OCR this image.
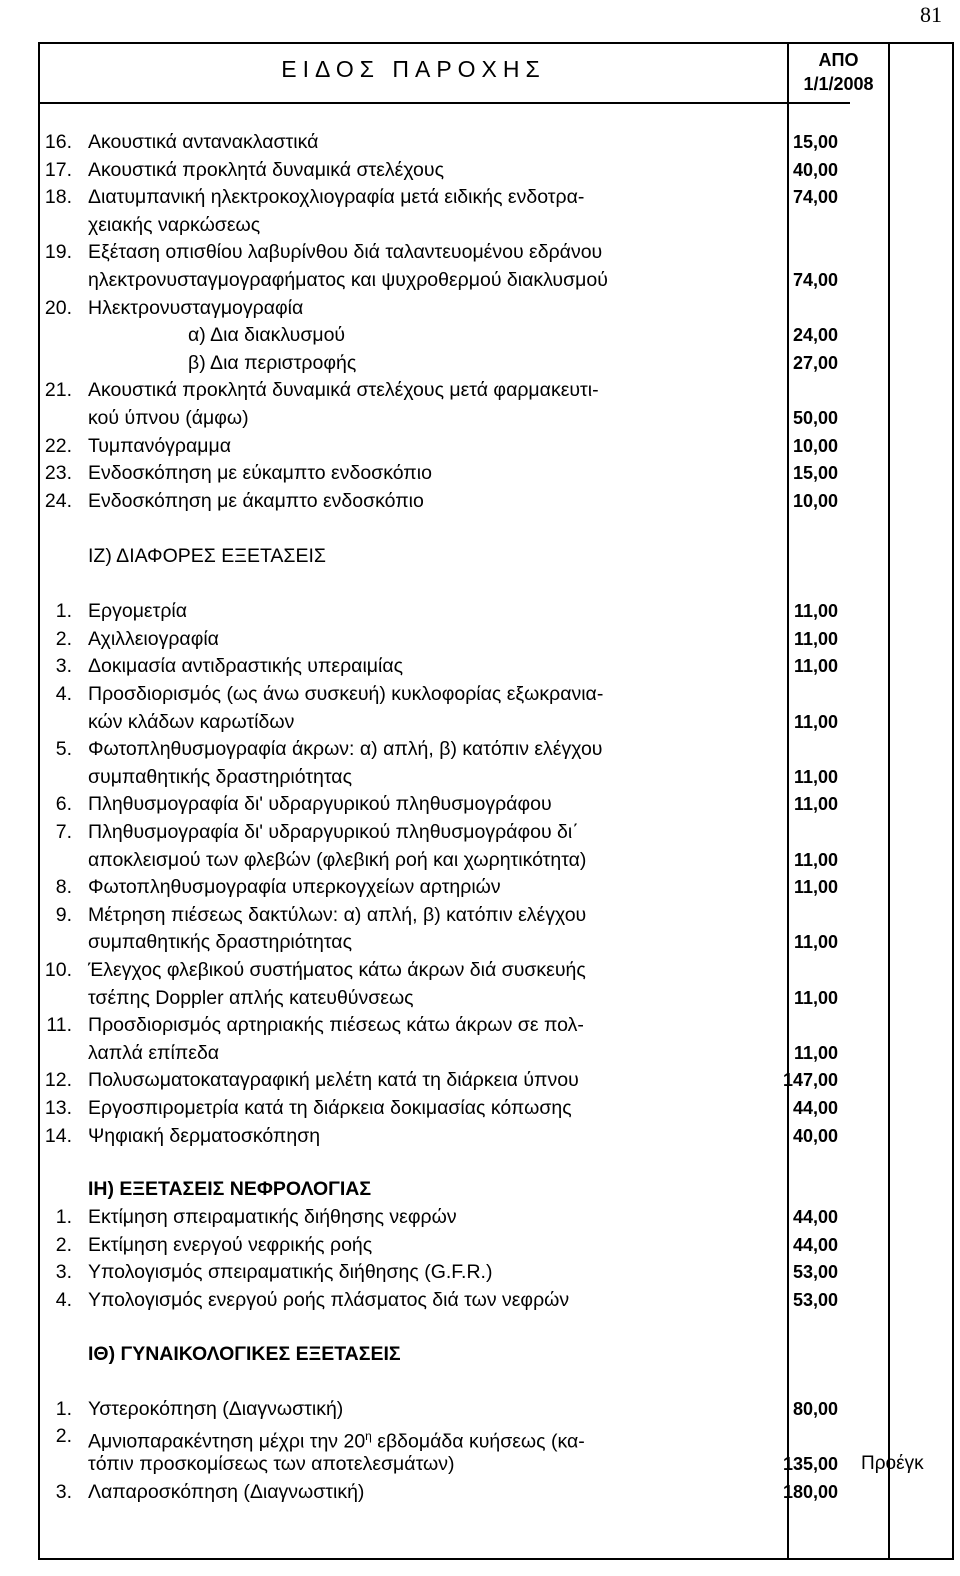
81
ΕΙΔΟΣ ΠΑΡΟΧΗΣ	ΑΠΟ
1/1/2008
16. Ακουστικά αντανακλαστικά	15,00
17. Ακουστικά προκλητά δυναμικά στελέχους	40,00
18. Διατυμπανική ηλεκτροκοχλιογραφία μετά ειδικής ενδοτρα-	74,00
χειακής ναρκώσεως
19. Εξέταση οπισθίου λαβυρίνθου διά ταλαντευομένου εδράνου
ηλεκτρονυσταγμογραφήματος και ψυχροθερμού διακλυσμού	74,00
20. Ηλεκτρονυσταγμογραφία
α) Δια διακλυσμού	24,00
β) Δια περιστροφής	27,00
21. Ακουστικά προκλητά δυναμικά στελέχους μετά φαρμακευτι-
κού ύπνου (άμφω)	50,00
22. Τυμπανόγραμμα	10,00
23. Ενδοσκόπηση με εύκαμπτο ενδοσκόπιο	15,00
24. Ενδοσκόπηση με άκαμπτο ενδοσκόπιο	10,00
ΙΖ) ΔΙΑΦΟΡΕΣ ΕΞΕΤΑΣΕΙΣ
1. Εργομετρία	11,00
2. Αχιλλειογραφία	11,00
3. Δοκιμασία αντιδραστικής υπεραιμίας	11,00
4. Προσδιορισμός (ως άνω συσκευή) κυκλοφορίας εξωκρανια-
κών κλάδων καρωτίδων	11,00
5. Φωτοπληθυσμογραφία άκρων: α) απλή, β) κατόπιν ελέγχου
συμπαθητικής δραστηριότητας	11,00
6. Πληθυσμογραφία δι' υδραργυρικού πληθυσμογράφου	11,00
7. Πληθυσμογραφία δι' υδραργυρικού πληθυσμογράφου δι΄
αποκλεισμού των φλεβών (φλεβική ροή και χωρητικότητα)	11,00
8. Φωτοπληθυσμογραφία υπερκογχείων αρτηριών	11,00
9. Μέτρηση πιέσεως δακτύλων: α) απλή, β) κατόπιν ελέγχου
συμπαθητικής δραστηριότητας	11,00
10. Έλεγχος φλεβικού συστήματος κάτω άκρων διά συσκευής
τσέπης Doppler απλής κατευθύνσεως	11,00
11. Προσδιορισμός αρτηριακής πιέσεως κάτω άκρων σε πολ-
λαπλά επίπεδα	11,00
12. Πολυσωματοκαταγραφική μελέτη κατά τη διάρκεια ύπνου	147,00
13. Εργοσπιρομετρία κατά τη διάρκεια δοκιμασίας κόπωσης	44,00
14. Ψηφιακή δερματοσκόπηση	40,00
ΙΗ) ΕΞΕΤΑΣΕΙΣ ΝΕΦΡΟΛΟΓΙΑΣ
1. Εκτίμηση σπειραματικής διήθησης νεφρών	44,00
2. Εκτίμηση ενεργού νεφρικής ροής	44,00
3. Υπολογισμός σπειραματικής διήθησης (G.F.R.)	53,00
4. Υπολογισμός ενεργού ροής πλάσματος διά των νεφρών	53,00
ΙΘ) ΓΥΝΑΙΚΟΛΟΓΙΚΕΣ ΕΞΕΤΑΣΕΙΣ
1. Υστεροκόπηση (Διαγνωστική)	80,00
2. Αμνιοπαρακέντηση μέχρι την $20^\eta$ εβδομάδα κυήσεως (κα-
τόπιν προσκομίσεως των αποτελεσμάτων)	135,00 Προέγκ
3. Λαπαροσκόπηση (Διαγνωστική)	180,00
